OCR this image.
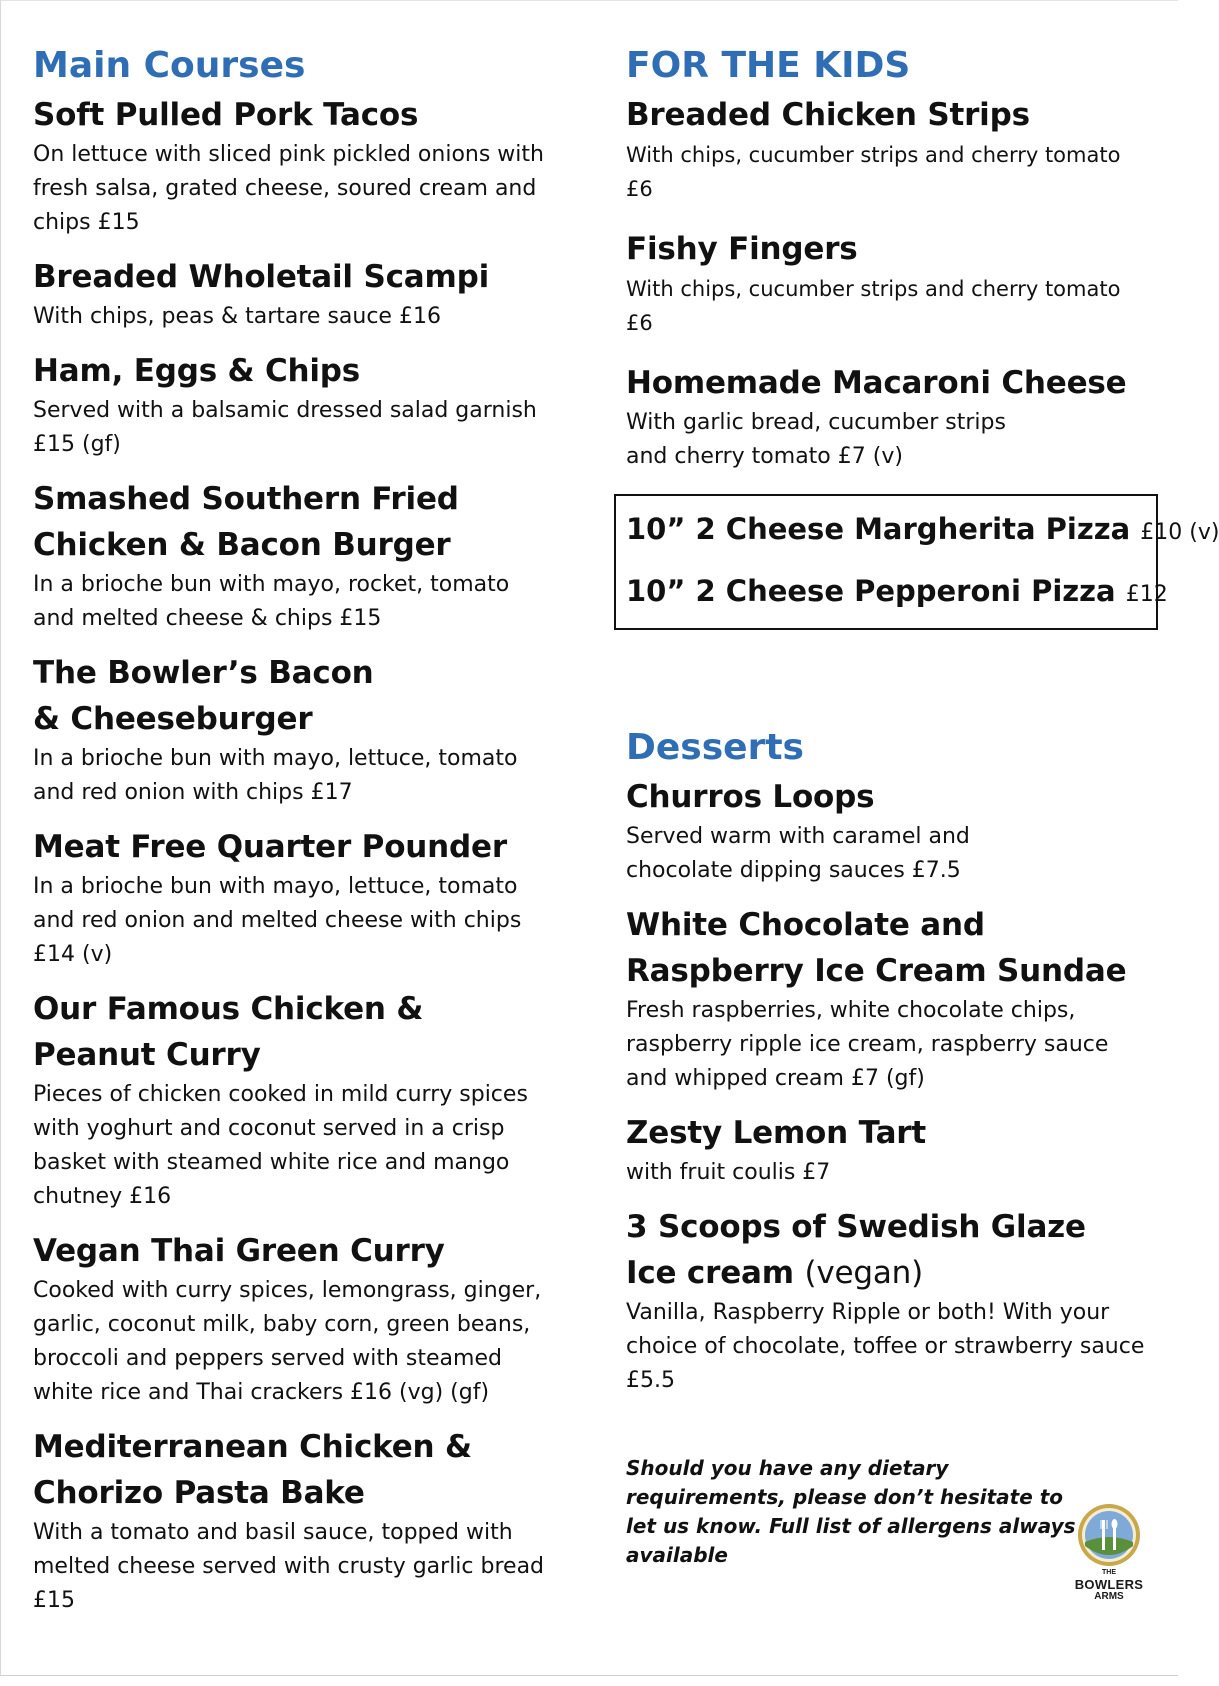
Main Courses

Soft Pulled Pork Tacos

On lettuce with sliced pink pickled onions with fresh salsa, grated cheese, soured cream and chips £15

Breaded Wholetail Scampi

With chips, peas & tartare sauce £16

Ham, Eggs & Chips

Served with a balsamic dressed salad garnish £15 (gf)

Smashed Southern Fried Chicken & Bacon Burger

In a brioche bun with mayo, rocket, tomato and melted cheese & chips £15

The Bowler’s Bacon & Cheeseburger

In a brioche bun with mayo, lettuce, tomato and red onion with chips £17

Meat Free Quarter Pounder

In a brioche bun with mayo, lettuce, tomato and red onion and melted cheese with chips £14 (v)

Our Famous Chicken & Peanut Curry

Pieces of chicken cooked in mild curry spices with yoghurt and coconut served in a crisp basket with steamed white rice and mango chutney £16

Vegan Thai Green Curry

Cooked with curry spices, lemongrass, ginger, garlic, coconut milk, baby corn, green beans, broccoli and peppers served with steamed white rice and Thai crackers £16 (vg) (gf)

Mediterranean Chicken & Chorizo Pasta Bake

With a tomato and basil sauce, topped with melted cheese served with crusty garlic bread £15

FOR THE KIDS

Breaded Chicken Strips

With chips, cucumber strips and cherry tomato £6

Fishy Fingers

With chips, cucumber strips and cherry tomato £6

Homemade Macaroni Cheese

With garlic bread, cucumber strips and cherry tomato £7 (v)

10” 2 Cheese Margherita Pizza £10 (v)

10” 2 Cheese Pepperoni Pizza £12

Desserts

Churros Loops

Served warm with caramel and chocolate dipping sauces £7.5

White Chocolate and Raspberry Ice Cream Sundae

Fresh raspberries, white chocolate chips, raspberry ripple ice cream, raspberry sauce and whipped cream £7 (gf)

Zesty Lemon Tart

with fruit coulis £7

3 Scoops of Swedish Glaze

Ice cream (vegan)

Vanilla, Raspberry Ripple or both! With your choice of chocolate, toffee or strawberry sauce £5.5

Should you have any dietary requirements, please don’t hesitate to let us know. Full list of allergens always available

THE
BOWLERS
ARMS
